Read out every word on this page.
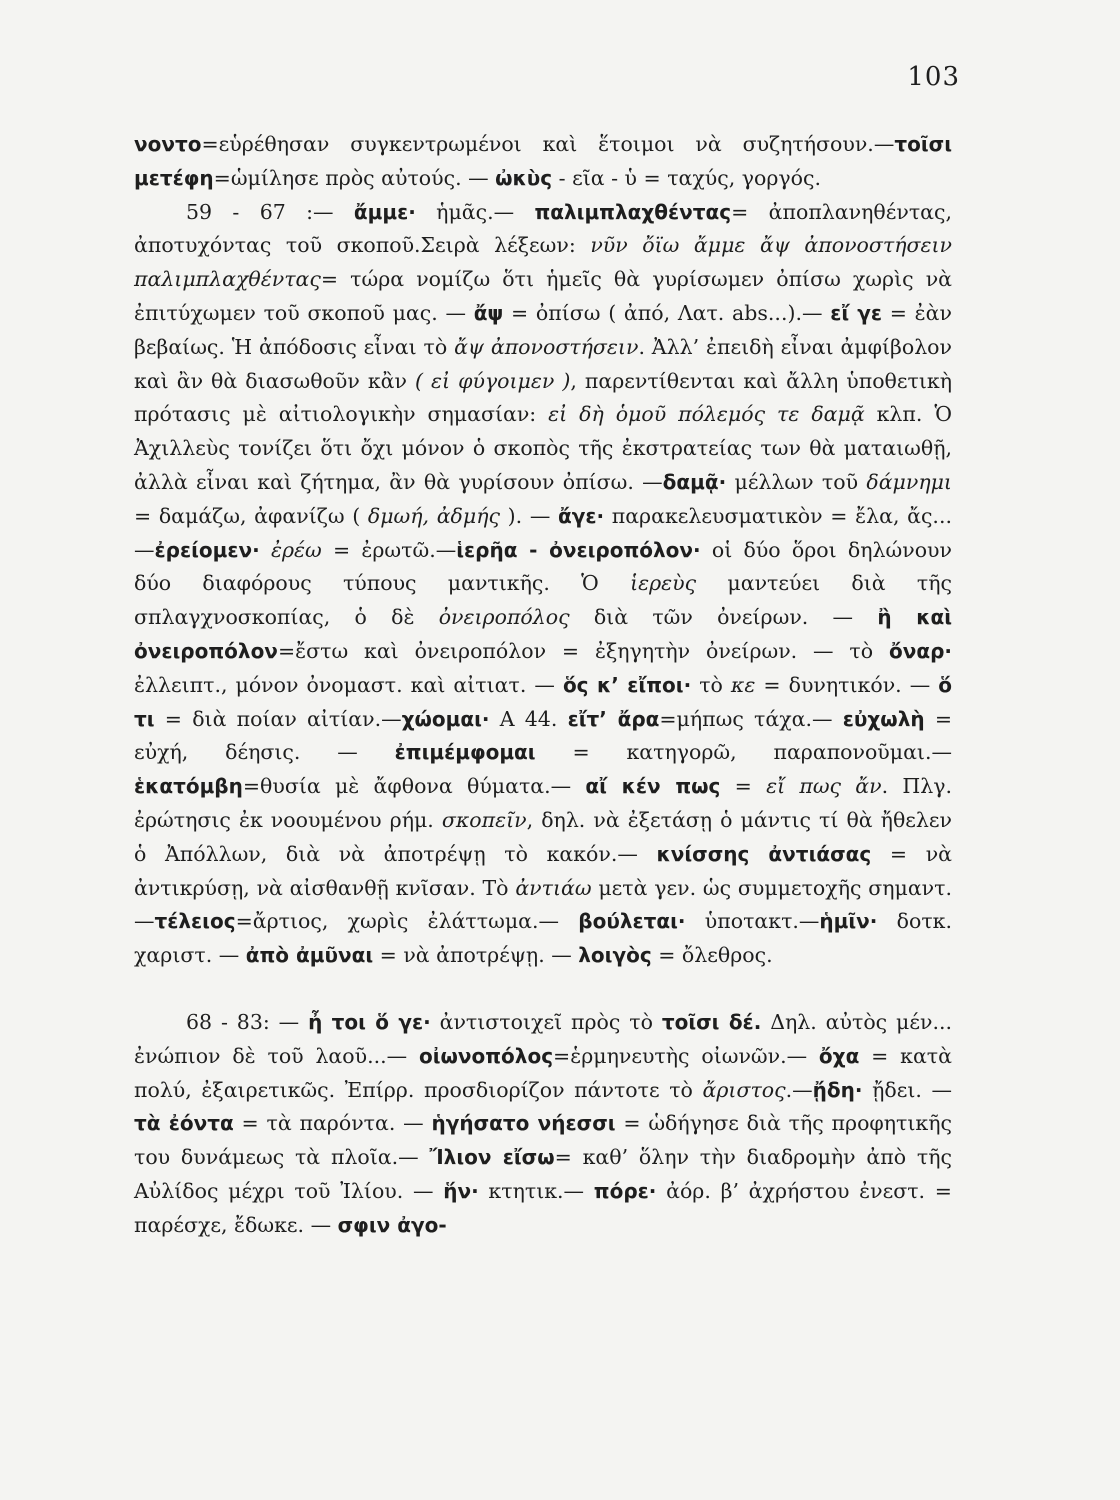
103

νοντο=εὑρέθησαν συγκεντρωμένοι καὶ ἕτοιμοι νὰ συζητήσουν.—τοῖσι μετέφη=ὡμίλησε πρὸς αὐτούς. — ὠκὺς - εῖα - ὑ = ταχύς, γοργός.

59 - 67 :— ἄμμε· ἡμᾶς.— παλιμπλαχθέντας= ἀποπλανηθέντας, ἀποτυχόντας τοῦ σκοποῦ.Σειρὰ λέξεων: νῦν ὄϊω ἄμμε ἄψ ἀπονοστήσειν παλιμπλαχθέντας= τώρα νομίζω ὅτι ἡμεῖς θὰ γυρίσωμεν ὀπίσω χωρὶς νὰ ἐπιτύχωμεν τοῦ σκοποῦ μας. — ἄψ = ὀπίσω ( ἀπό, Λατ. abs...).— εἴ γε = ἐὰν βεβαίως. Ἡ ἀπόδοσις εἶναι τὸ ἄψ ἀπονοστήσειν. Ἀλλ’ ἐπειδὴ εἶναι ἀμφίβολον καὶ ἂν θὰ διασωθοῦν κἂν ( εἰ φύγοιμεν ), παρεντίθενται καὶ ἄλλη ὑποθετικὴ πρότασις μὲ αἰτιολογικὴν σημασίαν: εἰ δὴ ὁμοῦ πόλεμός τε δαμᾷ κλπ. Ὁ Ἀχιλλεὺς τονίζει ὅτι ὄχι μόνον ὁ σκοπὸς τῆς ἐκστρατείας των θὰ ματαιωθῇ, ἀλλὰ εἶναι καὶ ζήτημα, ἂν θὰ γυρίσουν ὀπίσω. —δαμᾷ· μέλλων τοῦ δάμνημι = δαμάζω, ἀφανίζω ( δμωή, ἀδμής ). — ἄγε· παρακελευσματικὸν = ἔλα, ἄς... —ἐρείομεν· ἐρέω = ἐρωτῶ.—ἱερῆα - ὀνειροπόλον· οἱ δύο ὅροι δηλώνουν δύο διαφόρους τύπους μαντικῆς. Ὁ ἱερεὺς μαντεύει διὰ τῆς σπλαγχνοσκοπίας, ὁ δὲ ὀνειροπόλος διὰ τῶν ὀνείρων. — ἢ καὶ ὀνειροπόλον=ἔστω καὶ ὀνειροπόλον = ἐξηγητὴν ὀνείρων. — τὸ ὄναρ· ἐλλειπτ., μόνον ὀνομαστ. καὶ αἰτιατ. — ὅς κ’ εἴποι· τὸ κε = δυνητικόν. — ὅ τι = διὰ ποίαν αἰτίαν.—χώομαι· Α 44. εἴτ’ ἄρα=μήπως τάχα.— εὐχωλὴ = εὐχή, δέησις. — ἐπιμέμφομαι = κατηγορῶ, παραπονοῦμαι.— ἑκατόμβη=θυσία μὲ ἄφθονα θύματα.— αἴ κέν πως = εἴ πως ἄν. Πλγ. ἐρώτησις ἐκ νοουμένου ρήμ. σκοπεῖν, δηλ. νὰ ἐξετάσῃ ὁ μάντις τί θὰ ἤθελεν ὁ Ἀπόλλων, διὰ νὰ ἀποτρέψῃ τὸ κακόν.— κνίσσης ἀντιάσας = νὰ ἀντικρύσῃ, νὰ αἰσθανθῇ κνῖσαν. Τὸ ἀντιάω μετὰ γεν. ὡς συμμετοχῆς σημαντ.—τέλειος=ἄρτιος, χωρὶς ἐλάττωμα.— βούλεται· ὑποτακτ.—ἡμῖν· δοτκ. χαριστ. — ἀπὸ ἀμῦναι = νὰ ἀποτρέψῃ. — λοιγὸς = ὄλεθρος.

68 - 83: — ἦ τοι ὅ γε· ἀντιστοιχεῖ πρὸς τὸ τοῖσι δέ. Δηλ. αὐτὸς μέν... ἐνώπιον δὲ τοῦ λαοῦ...— οἰωνοπόλος=ἑρμηνευτὴς οἰωνῶν.— ὄχα = κατὰ πολύ, ἐξαιρετικῶς. Ἐπίρρ. προσδιορίζον πάντοτε τὸ ἄριστος.—ᾔδη· ᾔδει. — τὰ ἐόντα = τὰ παρόντα. — ἡγήσατο νήεσσι = ὡδήγησε διὰ τῆς προφητικῆς του δυνάμεως τὰ πλοῖα.— Ἴλιον εἴσω= καθ’ ὅλην τὴν διαδρομὴν ἀπὸ τῆς Αὐλίδος μέχρι τοῦ Ἰλίου. — ἥν· κτητικ.— πόρε· ἀόρ. β’ ἀχρήστου ἐνεστ. = παρέσχε, ἔδωκε. — σφιν ἀγο-
